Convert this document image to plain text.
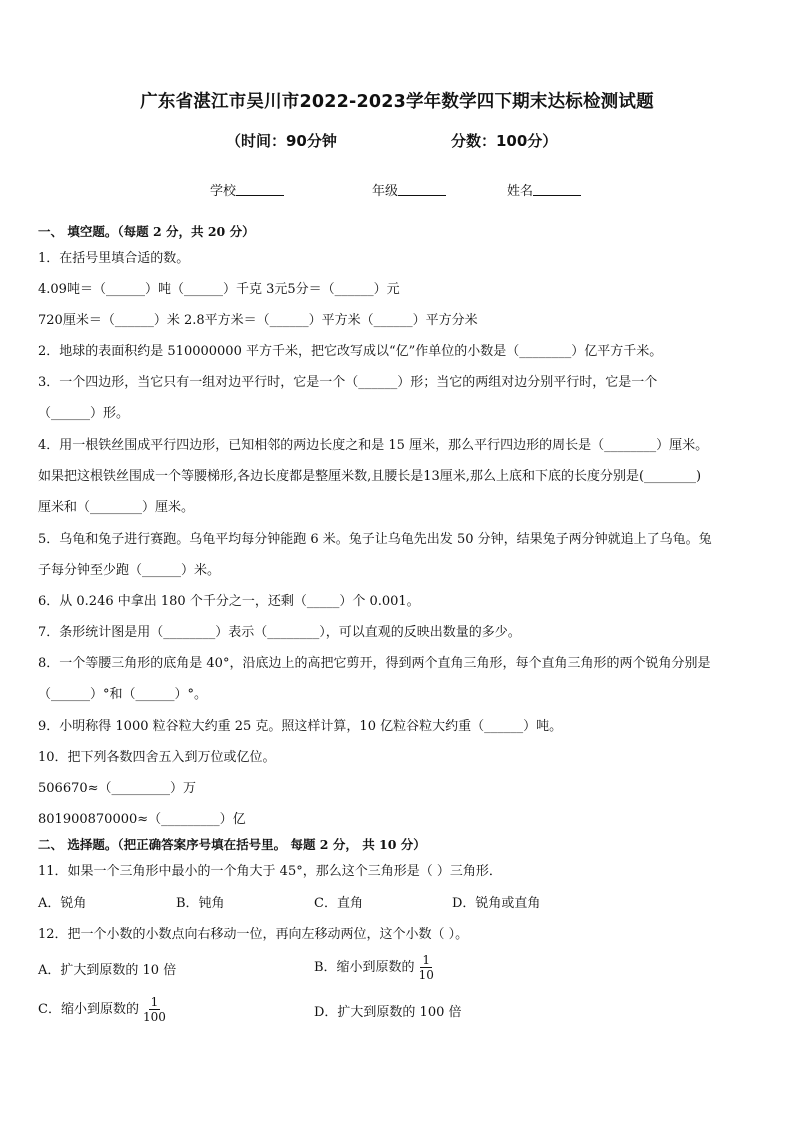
广东省湛江市吴川市2022-2023学年数学四下期末达标检测试题
（时间：90分钟	分数：100分）
学校	年级	姓名
一、 填空题。（每题 2 分，共 20 分）
1．在括号里填合适的数。
4.09吨＝（______）吨（______）千克 3元5分＝（______）元
720厘米＝（______）米 2.8平方米＝（______）平方米（______）平方分米
2．地球的表面积约是 510000000 平方千米，把它改写成以“亿”作单位的小数是（________）亿平方千米。
3．一个四边形，当它只有一组对边平行时，它是一个（______）形；当它的两组对边分别平行时，它是一个
（______）形。
4．用一根铁丝围成平行四边形，已知相邻的两边长度之和是 15 厘米，那么平行四边形的周长是（________）厘米。
如果把这根铁丝围成一个等腰梯形,各边长度都是整厘米数,且腰长是13厘米,那么上底和下底的长度分别是(________)
厘米和（________）厘米。
5．乌龟和兔子进行赛跑。乌龟平均每分钟能跑 6 米。兔子让乌龟先出发 50 分钟，结果兔子两分钟就追上了乌龟。兔
子每分钟至少跑（______）米。
6．从 0.246 中拿出 180 个千分之一，还剩（_____）个 0.001。
7．条形统计图是用（________）表示（________），可以直观的反映出数量的多少。
8．一个等腰三角形的底角是 40°，沿底边上的高把它剪开，得到两个直角三角形，每个直角三角形的两个锐角分别是
（______）°和（______）°。
9．小明称得 1000 粒谷粒大约重 25 克。照这样计算，10 亿粒谷粒大约重（______）吨。
10．把下列各数四舍五入到万位或亿位。
506670≈（_________）万
801900870000≈（_________）亿
二、 选择题。（把正确答案序号填在括号里。 每题 2 分， 共 10 分）
11．如果一个三角形中最小的一个角大于 45°，那么这个三角形是（ ）三角形．
A．锐角	B．钝角	C．直角	D．锐角或直角
12．把一个小数的小数点向右移动一位，再向左移动两位，这个小数（ ）。
A．扩大到原数的 10 倍	B．缩小到原数的 $\frac{1}{10}$
C．缩小到原数的 $\frac{1}{100}$	D．扩大到原数的 100 倍
